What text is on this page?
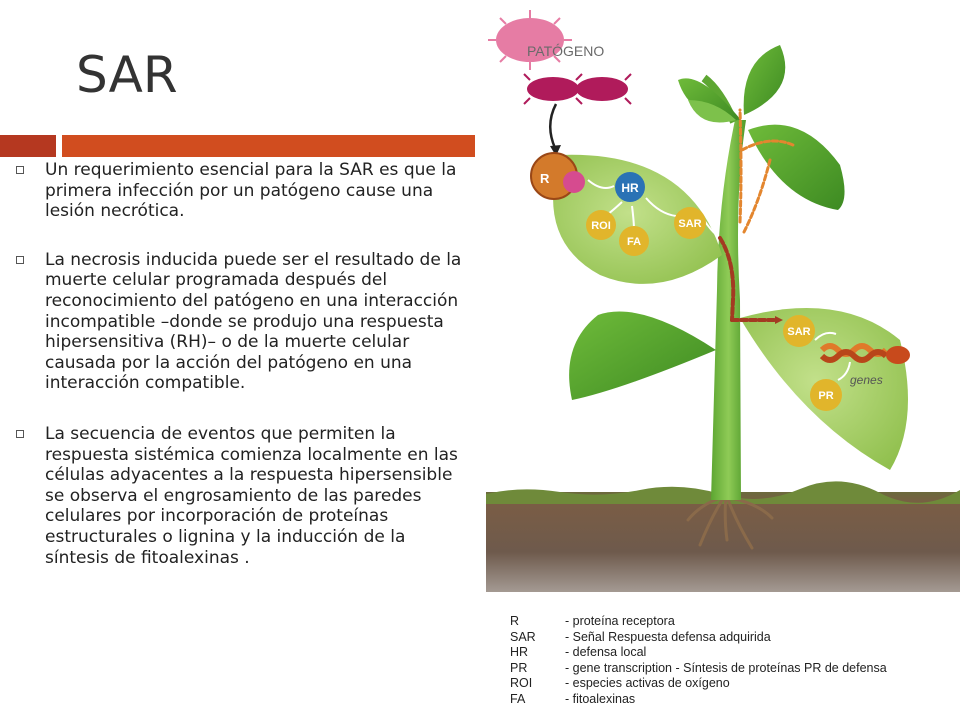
SAR
Un requerimiento esencial para la SAR es que la primera infección por un patógeno cause una lesión necrótica.
La necrosis inducida puede ser el resultado de la muerte celular programada después del reconocimiento del patógeno en una interacción incompatible –donde se produjo una respuesta hipersensitiva (RH)– o de la muerte celular causada por la acción del patógeno en una interacción compatible.
La secuencia de eventos que permiten la respuesta sistémica comienza localmente en las células adyacentes a la respuesta hipersensible se observa el engrosamiento de las paredes celulares por incorporación de proteínas estructurales o lignina y la inducción de la síntesis de fitoalexinas .
PATÓGENO
R
HR
ROI
FA
SAR
SAR
genes
PR
R	- proteína receptora
SAR - Señal Respuesta defensa adquirida
HR	- defensa local
PR	- gene transcription - Síntesis de proteínas PR de defensa
ROI	- especies activas de oxígeno
FA	- fitoalexinas
